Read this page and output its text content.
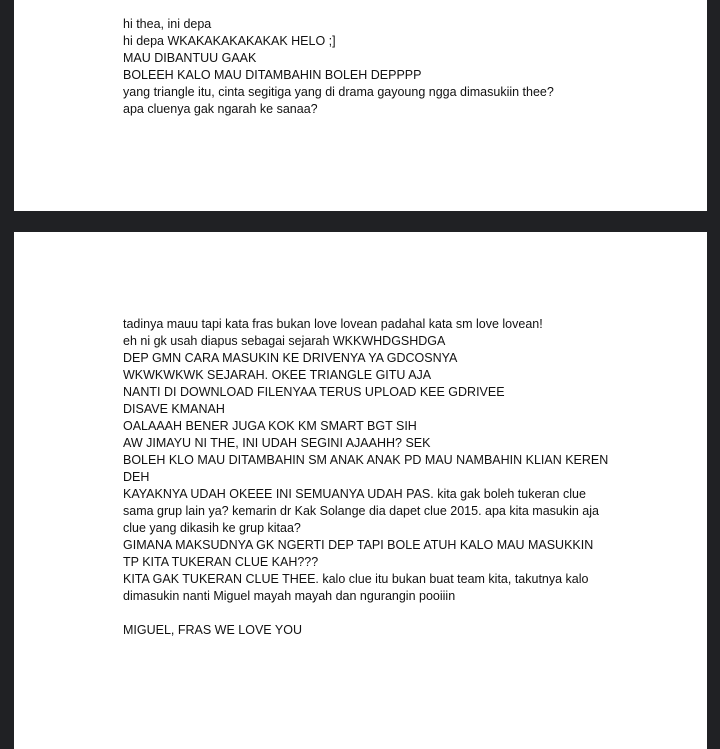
hi thea, ini depa
hi depa WKAKAKAKAKAKAK HELO ;]
MAU DIBANTUU GAAK
BOLEEH KALO MAU DITAMBAHIN BOLEH DEPPPP
yang triangle itu, cinta segitiga yang di drama gayoung ngga dimasukiin thee?
apa cluenya gak ngarah ke sanaa?
tadinya mauu tapi kata fras bukan love lovean padahal kata sm love lovean!
eh ni gk usah diapus sebagai sejarah WKKWHDGSHDGA
DEP GMN CARA MASUKIN KE DRIVENYA YA GDCOSNYA
WKWKWKWK SEJARAH. OKEE TRIANGLE GITU AJA
NANTI DI DOWNLOAD FILENYAA TERUS UPLOAD KEE GDRIVEE
DISAVE KMANAH
OALAAAH BENER JUGA KOK KM SMART BGT SIH
AW JIMAYU NI THE, INI UDAH SEGINI AJAAHH? SEK
BOLEH KLO MAU DITAMBAHIN SM ANAK ANAK PD MAU NAMBAHIN KLIAN KEREN
DEH
KAYAKNYA UDAH OKEEE INI SEMUANYA UDAH PAS. kita gak boleh tukeran clue
sama grup lain ya? kemarin dr Kak Solange dia dapet clue 2015. apa kita masukin aja
clue yang dikasih ke grup kitaa?
GIMANA MAKSUDNYA GK NGERTI DEP TAPI BOLE ATUH KALO MAU MASUKKIN
TP KITA TUKERAN CLUE KAH???
KITA GAK TUKERAN CLUE THEE. kalo clue itu bukan buat team kita, takutnya kalo
dimasukin nanti Miguel mayah mayah dan ngurangin pooiiin
MIGUEL, FRAS WE LOVE YOU
